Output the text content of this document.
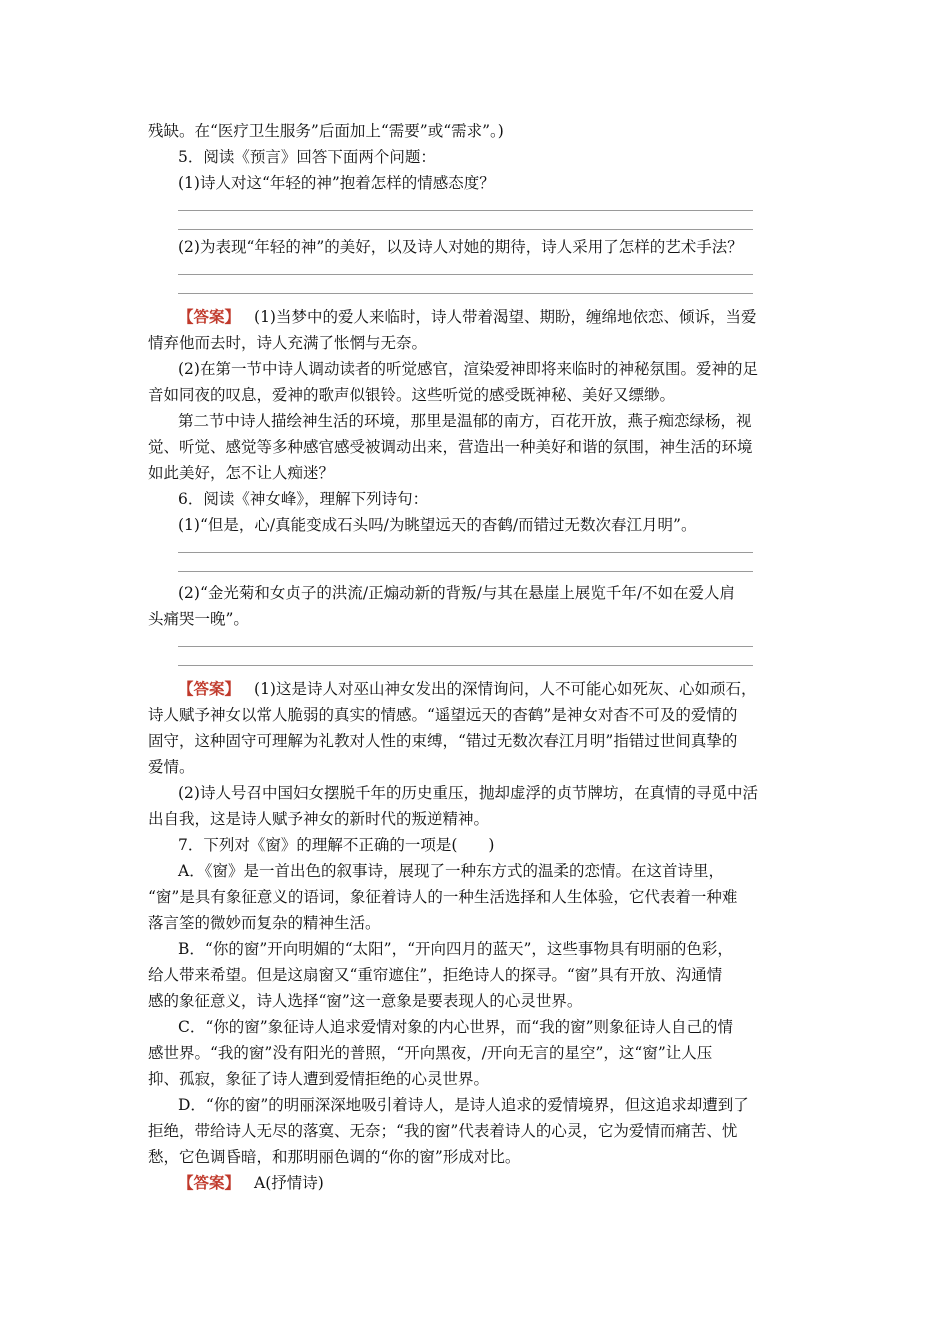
残缺。在“医疗卫生服务”后面加上“需要”或“需求”。)
5．阅读《预言》回答下面两个问题：
(1)诗人对这“年轻的神”抱着怎样的情感态度？
(2)为表现“年轻的神”的美好，以及诗人对她的期待，诗人采用了怎样的艺术手法？
【答案】 (1)当梦中的爱人来临时，诗人带着渴望、期盼，缠绵地依恋、倾诉，当爱
情弃他而去时，诗人充满了怅惘与无奈。
(2)在第一节中诗人调动读者的听觉感官，渲染爱神即将来临时的神秘氛围。爱神的足
音如同夜的叹息，爱神的歌声似银铃。这些听觉的感受既神秘、美好又缥缈。
第二节中诗人描绘神生活的环境，那里是温郁的南方，百花开放，燕子痴恋绿杨，视
觉、听觉、感觉等多种感官感受被调动出来，营造出一种美好和谐的氛围，神生活的环境
如此美好，怎不让人痴迷？
6．阅读《神女峰》，理解下列诗句：
(1)“但是，心/真能变成石头吗/为眺望远天的杳鹤/而错过无数次春江月明”。
(2)“金光菊和女贞子的洪流/正煽动新的背叛/与其在悬崖上展览千年/不如在爱人肩
头痛哭一晚”。
【答案】 (1)这是诗人对巫山神女发出的深情询问，人不可能心如死灰、心如顽石，
诗人赋予神女以常人脆弱的真实的情感。“遥望远天的杳鹤”是神女对杳不可及的爱情的
固守，这种固守可理解为礼教对人性的束缚，“错过无数次春江月明”指错过世间真挚的
爱情。
(2)诗人号召中国妇女摆脱千年的历史重压，抛却虚浮的贞节牌坊，在真情的寻觅中活
出自我，这是诗人赋予神女的新时代的叛逆精神。
7．下列对《窗》的理解不正确的一项是(　　)
A．《窗》是一首出色的叙事诗，展现了一种东方式的温柔的恋情。在这首诗里，
“窗”是具有象征意义的语词，象征着诗人的一种生活选择和人生体验，它代表着一种难
落言筌的微妙而复杂的精神生活。
B．“你的窗”开向明媚的“太阳”，“开向四月的蓝天”，这些事物具有明丽的色彩，
给人带来希望。但是这扇窗又“重帘遮住”，拒绝诗人的探寻。“窗”具有开放、沟通情
感的象征意义，诗人选择“窗”这一意象是要表现人的心灵世界。
C．“你的窗”象征诗人追求爱情对象的内心世界，而“我的窗”则象征诗人自己的情
感世界。“我的窗”没有阳光的普照，“开向黑夜，/开向无言的星空”，这“窗”让人压
抑、孤寂，象征了诗人遭到爱情拒绝的心灵世界。
D．“你的窗”的明丽深深地吸引着诗人，是诗人追求的爱情境界，但这追求却遭到了
拒绝，带给诗人无尽的落寞、无奈；“我的窗”代表着诗人的心灵，它为爱情而痛苦、忧
愁，它色调昏暗，和那明丽色调的“你的窗”形成对比。
【答案】 A(抒情诗)
